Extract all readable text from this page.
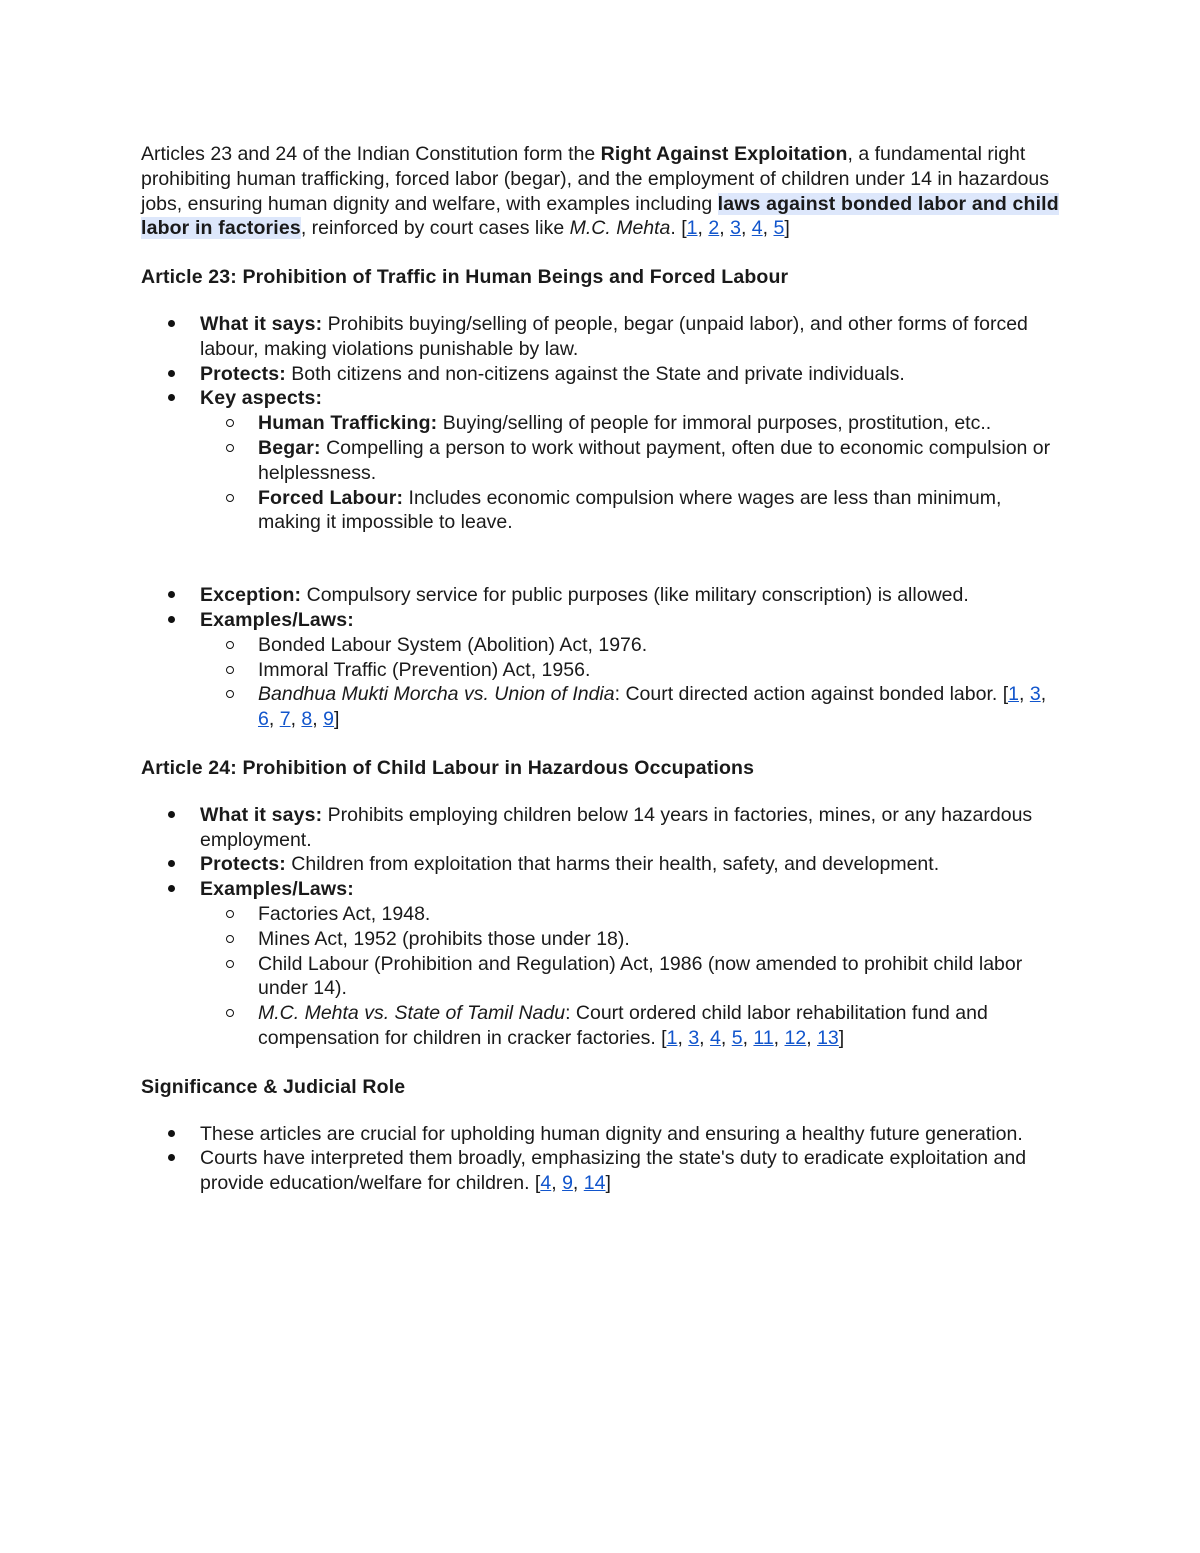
Articles 23 and 24 of the Indian Constitution form the Right Against Exploitation, a fundamental right prohibiting human trafficking, forced labor (begar), and the employment of children under 14 in hazardous jobs, ensuring human dignity and welfare, with examples including laws against bonded labor and child labor in factories, reinforced by court cases like M.C. Mehta. [1, 2, 3, 4, 5]

Article 23: Prohibition of Traffic in Human Beings and Forced Labour
What it says: Prohibits buying/selling of people, begar (unpaid labor), and other forms of forced labour, making violations punishable by law.
Protects: Both citizens and non-citizens against the State and private individuals.
Key aspects:
Human Trafficking: Buying/selling of people for immoral purposes, prostitution, etc..
Begar: Compelling a person to work without payment, often due to economic compulsion or helplessness.
Forced Labour: Includes economic compulsion where wages are less than minimum, making it impossible to leave.
Exception: Compulsory service for public purposes (like military conscription) is allowed.
Examples/Laws:
Bonded Labour System (Abolition) Act, 1976.
Immoral Traffic (Prevention) Act, 1956.
Bandhua Mukti Morcha vs. Union of India: Court directed action against bonded labor. [1, 3, 6, 7, 8, 9]
Article 24: Prohibition of Child Labour in Hazardous Occupations
What it says: Prohibits employing children below 14 years in factories, mines, or any hazardous employment.
Protects: Children from exploitation that harms their health, safety, and development.
Examples/Laws:
Factories Act, 1948.
Mines Act, 1952 (prohibits those under 18).
Child Labour (Prohibition and Regulation) Act, 1986 (now amended to prohibit child labor under 14).
M.C. Mehta vs. State of Tamil Nadu: Court ordered child labor rehabilitation fund and compensation for children in cracker factories. [1, 3, 4, 5, 11, 12, 13]
Significance & Judicial Role
These articles are crucial for upholding human dignity and ensuring a healthy future generation.
Courts have interpreted them broadly, emphasizing the state's duty to eradicate exploitation and provide education/welfare for children. [4, 9, 14]
